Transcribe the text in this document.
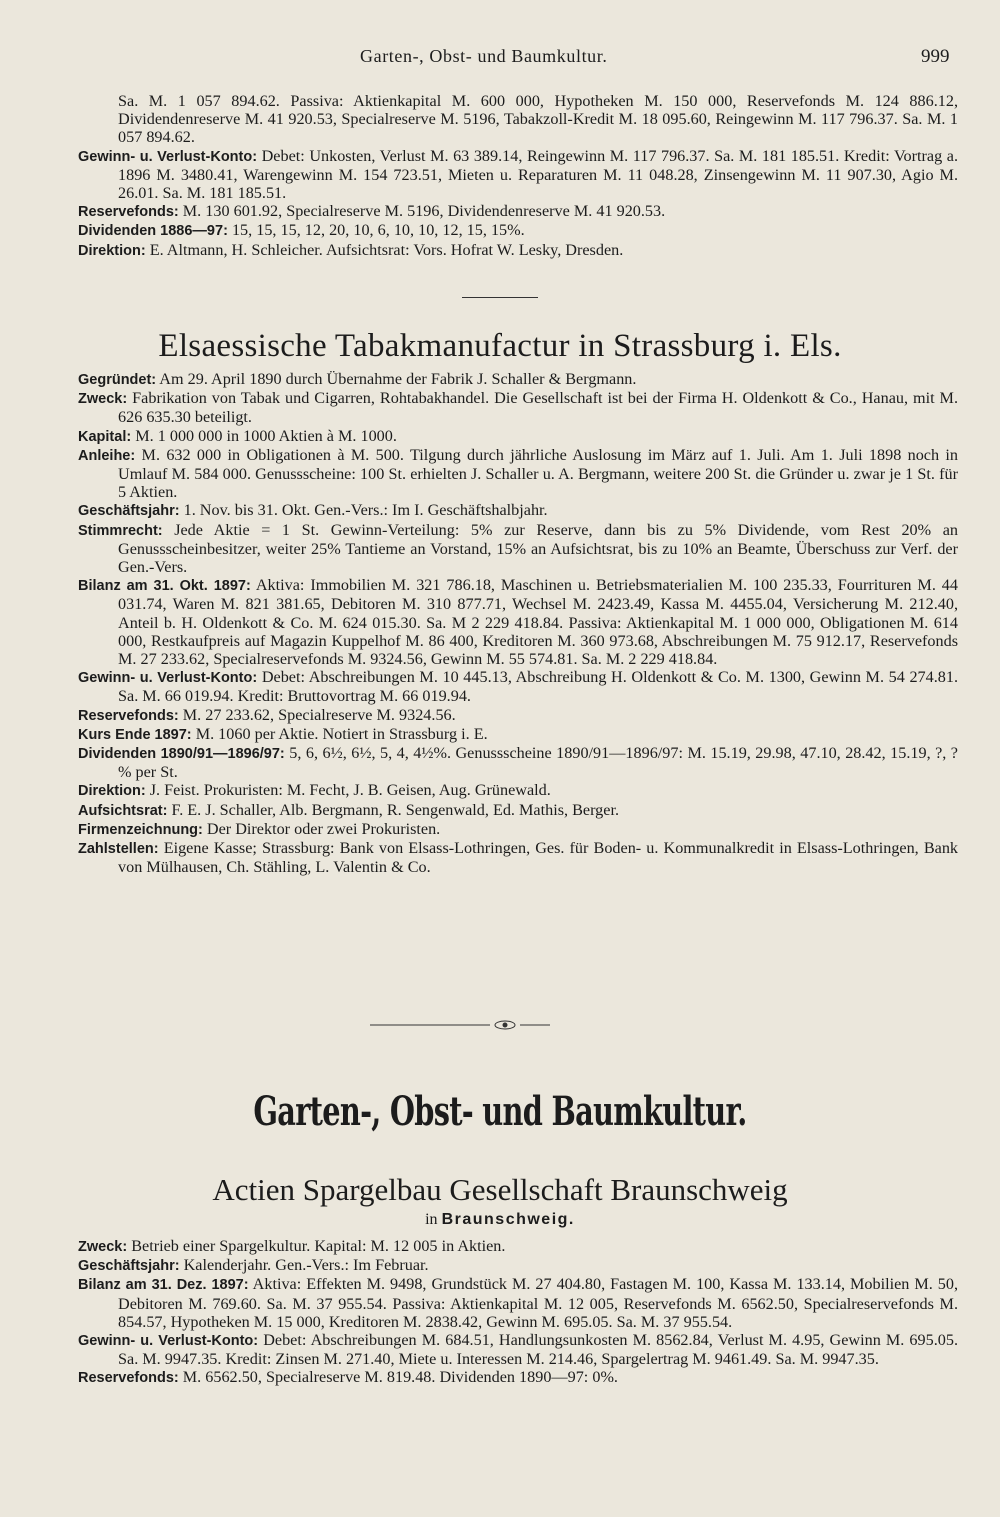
Garten-, Obst- und Baumkultur.	999

Sa. M. 1 057 894.62. Passiva: Aktienkapital M. 600 000, Hypotheken M. 150 000, Reservefonds M. 124 886.12, Dividendenreserve M. 41 920.53, Specialreserve M. 5196, Tabakzoll-Kredit M. 18 095.60, Reingewinn M. 117 796.37. Sa. M. 1 057 894.62.

Gewinn- u. Verlust-Konto: Debet: Unkosten, Verlust M. 63 389.14, Reingewinn M. 117 796.37. Sa. M. 181 185.51. Kredit: Vortrag a. 1896 M. 3480.41, Warengewinn M. 154 723.51, Mieten u. Reparaturen M. 11 048.28, Zinsengewinn M. 11 907.30, Agio M. 26.01. Sa. M. 181 185.51.

Reservefonds: M. 130 601.92, Specialreserve M. 5196, Dividendenreserve M. 41 920.53.

Dividenden 1886—97: 15, 15, 15, 12, 20, 10, 6, 10, 10, 12, 15, 15%.

Direktion: E. Altmann, H. Schleicher. Aufsichtsrat: Vors. Hofrat W. Lesky, Dresden.

Elsaessische Tabakmanufactur in Strassburg i. Els.

Gegründet: Am 29. April 1890 durch Übernahme der Fabrik J. Schaller & Bergmann.

Zweck: Fabrikation von Tabak und Cigarren, Rohtabakhandel. Die Gesellschaft ist bei der Firma H. Oldenkott & Co., Hanau, mit M. 626 635.30 beteiligt.

Kapital: M. 1 000 000 in 1000 Aktien à M. 1000.

Anleihe: M. 632 000 in Obligationen à M. 500. Tilgung durch jährliche Auslosung im März auf 1. Juli. Am 1. Juli 1898 noch in Umlauf M. 584 000. Genussscheine: 100 St. erhielten J. Schaller u. A. Bergmann, weitere 200 St. die Gründer u. zwar je 1 St. für 5 Aktien.

Geschäftsjahr: 1. Nov. bis 31. Okt. Gen.-Vers.: Im I. Geschäftshalbjahr.

Stimmrecht: Jede Aktie = 1 St. Gewinn-Verteilung: 5% zur Reserve, dann bis zu 5% Dividende, vom Rest 20% an Genussscheinbesitzer, weiter 25% Tantieme an Vorstand, 15% an Aufsichtsrat, bis zu 10% an Beamte, Überschuss zur Verf. der Gen.-Vers.

Bilanz am 31. Okt. 1897: Aktiva: Immobilien M. 321 786.18, Maschinen u. Betriebsmaterialien M. 100 235.33, Fourrituren M. 44 031.74, Waren M. 821 381.65, Debitoren M. 310 877.71, Wechsel M. 2423.49, Kassa M. 4455.04, Versicherung M. 212.40, Anteil b. H. Oldenkott & Co. M. 624 015.30. Sa. M 2 229 418.84. Passiva: Aktienkapital M. 1 000 000, Obligationen M. 614 000, Restkaufpreis auf Magazin Kuppelhof M. 86 400, Kreditoren M. 360 973.68, Abschreibungen M. 75 912.17, Reservefonds M. 27 233.62, Specialreservefonds M. 9324.56, Gewinn M. 55 574.81. Sa. M. 2 229 418.84.

Gewinn- u. Verlust-Konto: Debet: Abschreibungen M. 10 445.13, Abschreibung H. Oldenkott & Co. M. 1300, Gewinn M. 54 274.81. Sa. M. 66 019.94. Kredit: Bruttovortrag M. 66 019.94.

Reservefonds: M. 27 233.62, Specialreserve M. 9324.56.

Kurs Ende 1897: M. 1060 per Aktie. Notiert in Strassburg i. E.

Dividenden 1890/91—1896/97: 5, 6, 6½, 6½, 5, 4, 4½%. Genussscheine 1890/91—1896/97: M. 15.19, 29.98, 47.10, 28.42, 15.19, ?, ?% per St.

Direktion: J. Feist. Prokuristen: M. Fecht, J. B. Geisen, Aug. Grünewald.

Aufsichtsrat: F. E. J. Schaller, Alb. Bergmann, R. Sengenwald, Ed. Mathis, Berger.

Firmenzeichnung: Der Direktor oder zwei Prokuristen.

Zahlstellen: Eigene Kasse; Strassburg: Bank von Elsass-Lothringen, Ges. für Boden- u. Kommunalkredit in Elsass-Lothringen, Bank von Mülhausen, Ch. Stähling, L. Valentin & Co.

Garten-, Obst- und Baumkultur.
Actien Spargelbau Gesellschaft Braunschweig
in Braunschweig.

Zweck: Betrieb einer Spargelkultur. Kapital: M. 12 005 in Aktien.

Geschäftsjahr: Kalenderjahr. Gen.-Vers.: Im Februar.

Bilanz am 31. Dez. 1897: Aktiva: Effekten M. 9498, Grundstück M. 27 404.80, Fastagen M. 100, Kassa M. 133.14, Mobilien M. 50, Debitoren M. 769.60. Sa. M. 37 955.54. Passiva: Aktienkapital M. 12 005, Reservefonds M. 6562.50, Specialreservefonds M. 854.57, Hypotheken M. 15 000, Kreditoren M. 2838.42, Gewinn M. 695.05. Sa. M. 37 955.54.

Gewinn- u. Verlust-Konto: Debet: Abschreibungen M. 684.51, Handlungsunkosten M. 8562.84, Verlust M. 4.95, Gewinn M. 695.05. Sa. M. 9947.35. Kredit: Zinsen M. 271.40, Miete u. Interessen M. 214.46, Spargelertrag M. 9461.49. Sa. M. 9947.35.

Reservefonds: M. 6562.50, Specialreserve M. 819.48. Dividenden 1890—97: 0%.
